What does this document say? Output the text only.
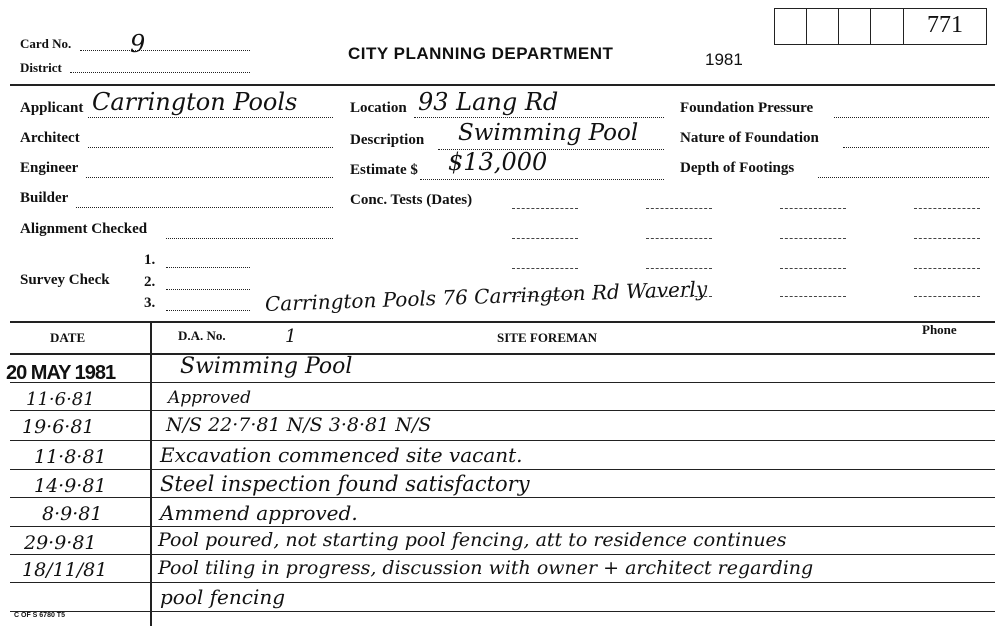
771
Card No. 9
District
CITY PLANNING DEPARTMENT	1981
Applicant Carrington Pools	Location 93 Lang Rd	Foundation Pressure
Architect	Description Swimming Pool	Nature of Foundation
Engineer	Estimate $ $13,000	Depth of Footings
Builder	Conc. Tests (Dates)
Alignment Checked
Survey Check
1.
2.
3.	Carrington Pools 76 Carrington Rd Waverly
DATE	D.A. No.	1	SITE FOREMAN
Phone
20 MAY 1981	Swimming Pool
11·6·81	Approved
19·6·81	N/S 22·7·81 N/S 3·8·81 N/S
11·8·81	Excavation commenced site vacant.
14·9·81	Steel inspection found satisfactory
8·9·81	Ammend approved.
29·9·81	Pool poured, not starting pool fencing, att to residence continues
18/11/81	Pool tiling in progress, discussion with owner + architect regarding
pool fencing
C OF S 6780 T5
